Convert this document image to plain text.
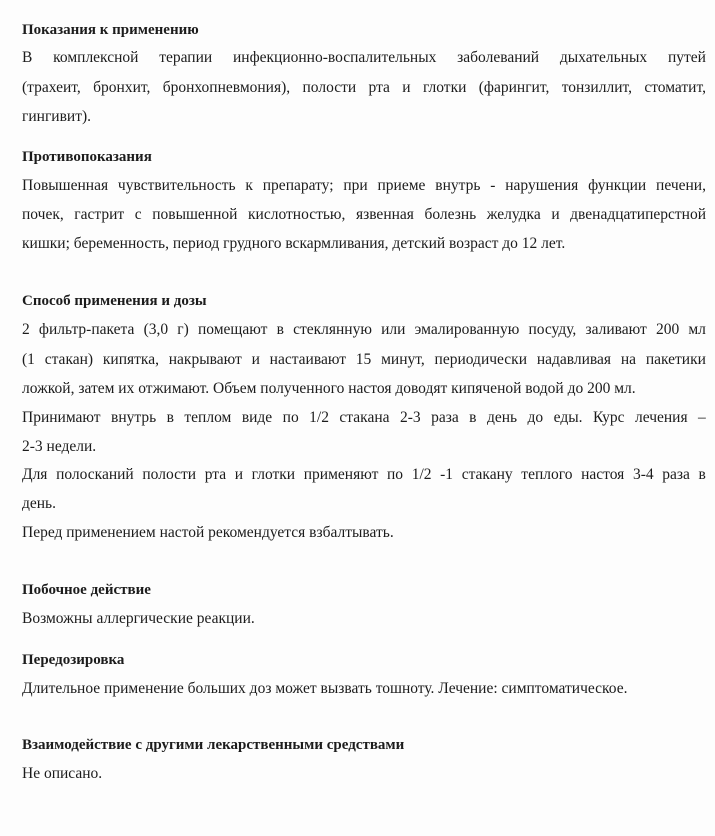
Показания к применению
В комплексной терапии инфекционно-воспалительных заболеваний дыхательных путей
(трахеит, бронхит, бронхопневмония), полости рта и глотки (фарингит, тонзиллит, стоматит,
гингивит).
Противопоказания
Повышенная чувствительность к препарату; при приеме внутрь - нарушения функции печени,
почек, гастрит с повышенной кислотностью, язвенная болезнь желудка и двенадцатиперстной
кишки; беременность, период грудного вскармливания, детский возраст до 12 лет.
Способ применения и дозы
2 фильтр-пакета (3,0 г) помещают в стеклянную или эмалированную посуду, заливают 200 мл
(1 стакан) кипятка, накрывают и настаивают 15 минут, периодически надавливая на пакетики
ложкой, затем их отжимают. Объем полученного настоя доводят кипяченой водой до 200 мл.
Принимают внутрь в теплом виде по 1/2 стакана 2-3 раза в день до еды. Курс лечения –
2-3 недели.
Для полосканий полости рта и глотки применяют по 1/2 -1 стакану теплого настоя 3-4 раза в
день.
Перед применением настой рекомендуется взбалтывать.
Побочное действие
Возможны аллергические реакции.
Передозировка
Длительное применение больших доз может вызвать тошноту. Лечение: симптоматическое.
Взаимодействие с другими лекарственными средствами
Не описано.
